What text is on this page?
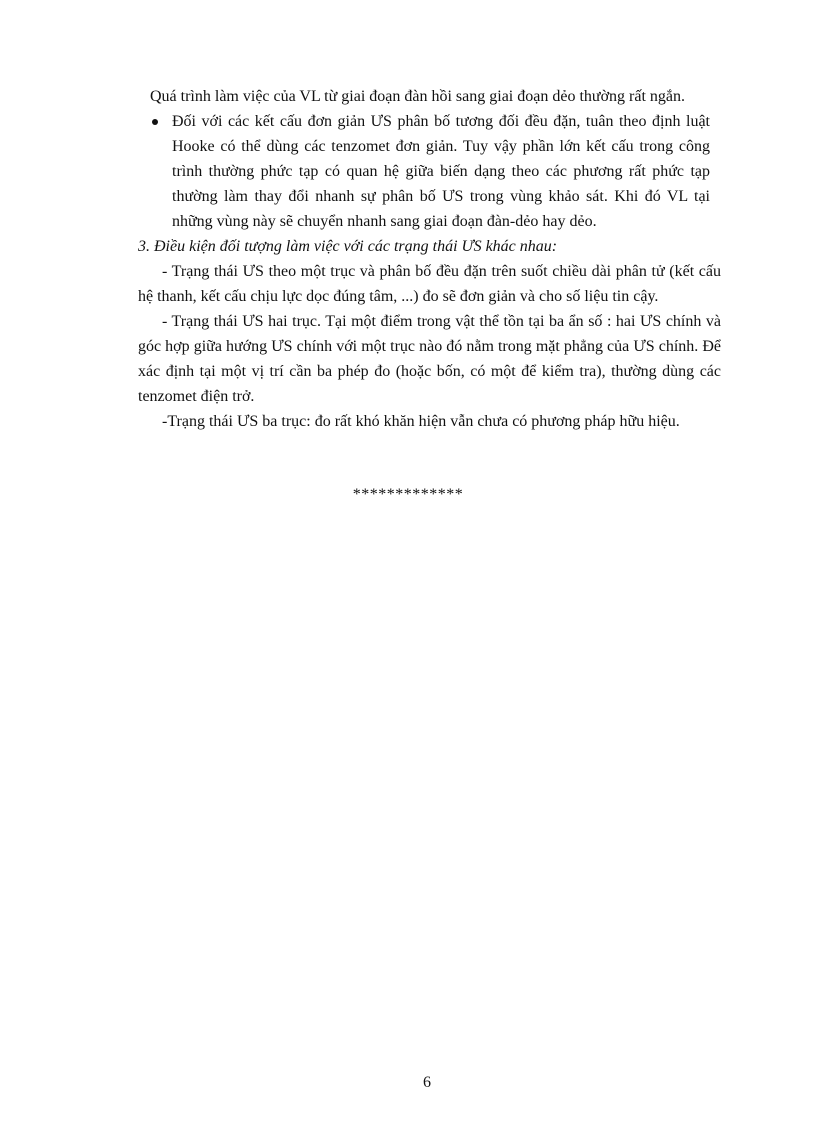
Quá trình làm việc của VL từ giai đoạn đàn hồi sang giai đoạn dẻo thường rất ngắn.

Đối với các kết cấu đơn giản ƯS phân bố tương đối đều đặn, tuân theo định luật Hooke có thể dùng các tenzomet đơn giản. Tuy vậy phần lớn kết cấu trong công trình thường phức tạp có quan hệ giữa biến dạng theo các phương rất phức tạp thường làm thay đổi nhanh sự phân bố ƯS trong vùng khảo sát. Khi đó VL tại những vùng này sẽ chuyển nhanh sang giai đoạn đàn-dẻo hay dẻo.

3. Điều kiện đối tượng làm việc với các trạng thái ƯS khác nhau:

- Trạng thái ƯS theo một trục và phân bố đều đặn trên suốt chiều dài phân tử (kết cấu hệ thanh, kết cấu chịu lực dọc đúng tâm, ...) đo sẽ đơn giản và cho số liệu tin cậy.

- Trạng thái ƯS hai trục. Tại một điểm trong vật thể tồn tại ba ẩn số : hai ƯS chính và góc hợp giữa hướng ƯS chính với một trục nào đó nằm trong mặt phẳng của ƯS chính. Để xác định tại một vị trí cần ba phép đo (hoặc bốn, có một để kiểm tra), thường dùng các tenzomet điện trở.

-Trạng thái ƯS ba trục: đo rất khó khăn hiện vẫn chưa có phương pháp hữu hiệu.

*************
6
